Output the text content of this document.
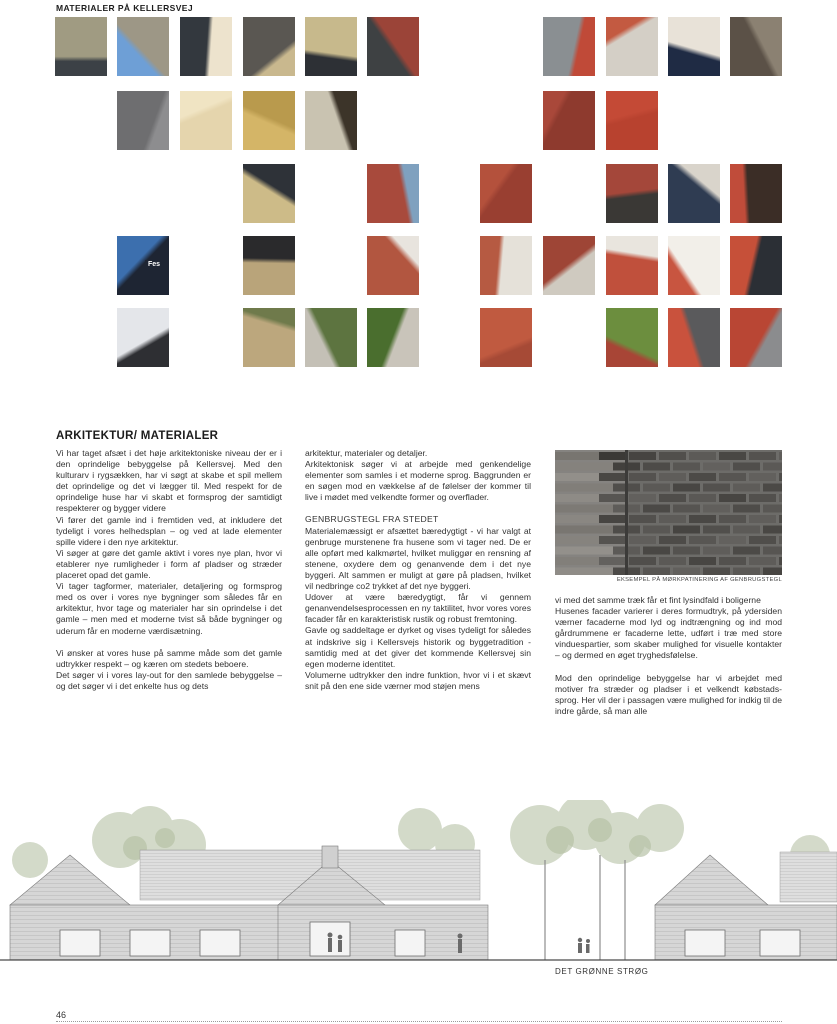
MATERIALER PÅ KELLERSVEJ
Fes
ARKITEKTUR/ MATERIALER

Vi har taget afsæt i det høje arkitektoniske niveau der er i den oprindelige bebyggelse på Kellersvej. Med den kulturarv i rygsækken, har vi søgt at skabe et spil mellem det oprindelige og det vi lægger til. Med respekt for de oprindelige huse har vi skabt et formsprog der samtidigt respekterer og bygger videre

Vi fører det gamle ind i fremtiden ved, at inkludere det tydeligt i vores helhedsplan – og ved at lade elementer spille videre i den nye arkitektur.

Vi søger at gøre det gamle aktivt i vores nye plan, hvor vi etablerer nye rumligheder i form af pladser og stræder placeret opad det gamle.

Vi tager tagformer, materialer, detaljering og formsprog med os over i vores nye bygninger som således får en arkitektur, hvor tage og materialer har sin oprindelse i det gamle – men med et moderne tvist så både bygninger og uderum får en moderne værdisætning.

Vi ønsker at vores huse på samme måde som det gamle udtrykker respekt – og kæren om stedets beboere.

Det søger vi i vores lay-out for den samlede bebyggelse – og det søger vi i det enkelte hus og dets

arkitektur, materialer og detaljer.

Arkitektonisk søger vi at arbejde med genkendelige elementer som samles i et moderne sprog. Baggrunden er en søgen mod en vækkelse af de følelser der kommer til live i mødet med velkendte former og overflader.

GENBRUGSTEGL FRA STEDET

Materialemæssigt er afsættet bæredygtigt - vi har valgt at genbruge murstenene fra husene som vi tager ned. De er alle opført med kalkmørtel, hvilket muliggør en rensning af stenene, oxydere dem og genanvende dem i det nye byggeri. Alt sammen er muligt at gøre på pladsen, hvilket vil nedbringe co2 trykket af det nye byggeri.

Udover at være bæredygtigt, får vi gennem genanvendelsesprocessen en ny taktilitet, hvor vores vores facader får en karakteristisk rustik og robust fremtoning.

Gavle og saddeltage er dyrket og vises tydeligt for således at indskrive sig i Kellersvejs historik og byggetradition - samtidig med at det giver det kommende Kellersvej sin egen moderne identitet.

Volumerne udtrykker den indre funktion, hvor vi i et skævt snit på den ene side værner mod støjen mens

EKSEMPEL PÅ MØRKPATINERING AF GENBRUGSTEGL

vi med det samme træk får et fint lysindfald i boligerne

Husenes facader varierer i deres formudtryk, på ydersiden værner facaderne mod lyd og indtrængning og ind mod gårdrummene er facaderne lette, udført i træ med store vinduespartier, som skaber mulighed for visuelle kontakter – og dermed en øget tryghedsfølelse.

Mod den oprindelige bebyggelse har vi arbejdet med motiver fra stræder og pladser i et velkendt købstads-sprog. Her vil der i passagen være mulighed for indkig til de indre gårde, så man alle

DET GRØNNE STRØG
46
